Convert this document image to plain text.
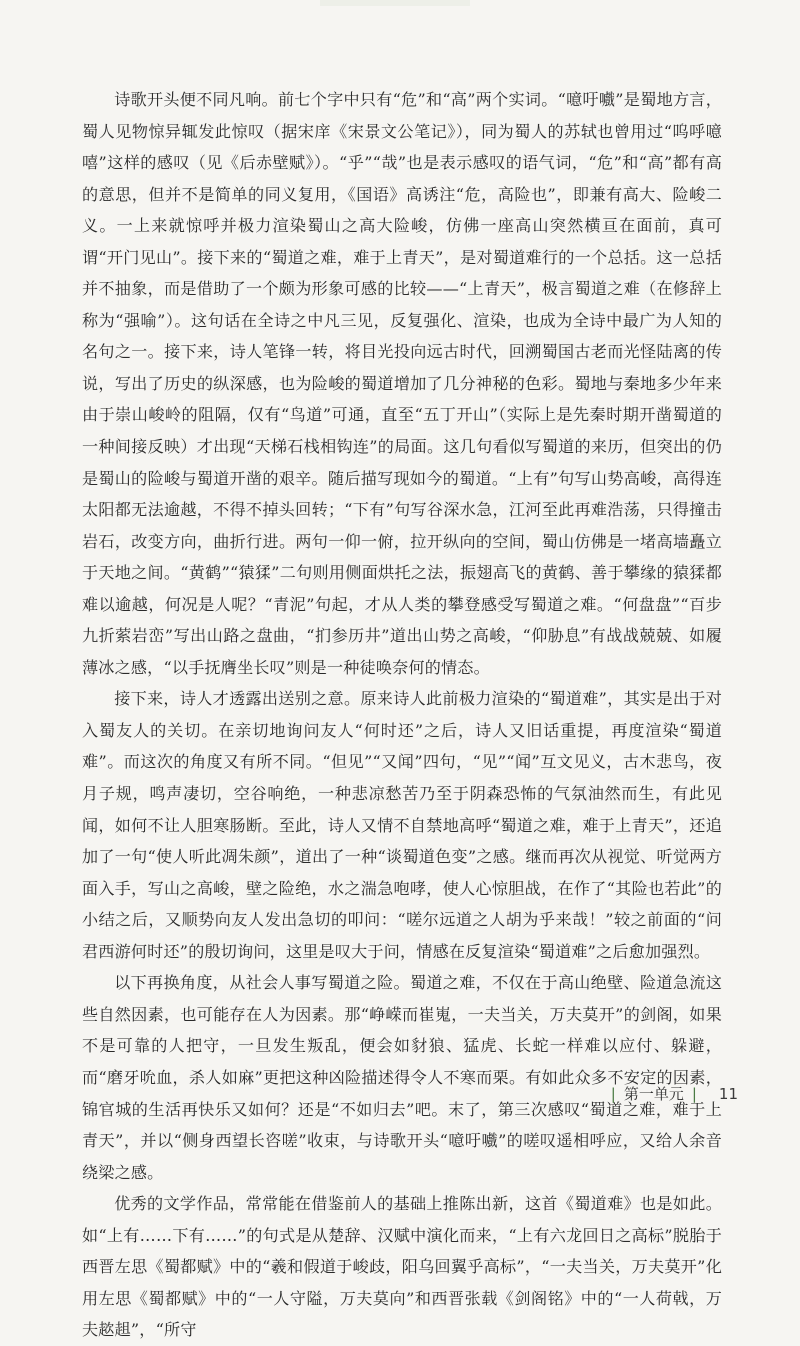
诗歌开头便不同凡响。前七个字中只有“危”和“高”两个实词。“噫吁嚱”是蜀地方言，蜀人见物惊异辄发此惊叹（据宋庠《宋景文公笔记》），同为蜀人的苏轼也曾用过“呜呼噫嘻”这样的感叹（见《后赤壁赋》）。“乎”“哉”也是表示感叹的语气词，“危”和“高”都有高的意思，但并不是简单的同义复用，《国语》高诱注“危，高险也”，即兼有高大、险峻二义。一上来就惊呼并极力渲染蜀山之高大险峻，仿佛一座高山突然横亘在面前，真可谓“开门见山”。接下来的“蜀道之难，难于上青天”，是对蜀道难行的一个总括。这一总括并不抽象，而是借助了一个颇为形象可感的比较——“上青天”，极言蜀道之难（在修辞上称为“强喻”）。这句话在全诗之中凡三见，反复强化、渲染，也成为全诗中最广为人知的名句之一。接下来，诗人笔锋一转，将目光投向远古时代，回溯蜀国古老而光怪陆离的传说，写出了历史的纵深感，也为险峻的蜀道增加了几分神秘的色彩。蜀地与秦地多少年来由于崇山峻岭的阻隔，仅有“鸟道”可通，直至“五丁开山”（实际上是先秦时期开凿蜀道的一种间接反映）才出现“天梯石栈相钩连”的局面。这几句看似写蜀道的来历，但突出的仍是蜀山的险峻与蜀道开凿的艰辛。随后描写现如今的蜀道。“上有”句写山势高峻，高得连太阳都无法逾越，不得不掉头回转；“下有”句写谷深水急，江河至此再难浩荡，只得撞击岩石，改变方向，曲折行进。两句一仰一俯，拉开纵向的空间，蜀山仿佛是一堵高墙矗立于天地之间。“黄鹤”“猿猱”二句则用侧面烘托之法，振翅高飞的黄鹤、善于攀缘的猿猱都难以逾越，何况是人呢？“青泥”句起，才从人类的攀登感受写蜀道之难。“何盘盘”“百步九折萦岩峦”写出山路之盘曲，“扪参历井”道出山势之高峻，“仰胁息”有战战兢兢、如履薄冰之感，“以手抚膺坐长叹”则是一种徒唤奈何的情态。

接下来，诗人才透露出送别之意。原来诗人此前极力渲染的“蜀道难”，其实是出于对入蜀友人的关切。在亲切地询问友人“何时还”之后，诗人又旧话重提，再度渲染“蜀道难”。而这次的角度又有所不同。“但见”“又闻”四句，“见”“闻”互文见义，古木悲鸟，夜月子规，鸣声凄切，空谷响绝，一种悲凉愁苦乃至于阴森恐怖的气氛油然而生，有此见闻，如何不让人胆寒肠断。至此，诗人又情不自禁地高呼“蜀道之难，难于上青天”，还追加了一句“使人听此凋朱颜”，道出了一种“谈蜀道色变”之感。继而再次从视觉、听觉两方面入手，写山之高峻，壁之险绝，水之湍急咆哮，使人心惊胆战，在作了“其险也若此”的小结之后，又顺势向友人发出急切的叩问：“嗟尔远道之人胡为乎来哉！”较之前面的“问君西游何时还”的殷切询问，这里是叹大于问，情感在反复渲染“蜀道难”之后愈加强烈。

以下再换角度，从社会人事写蜀道之险。蜀道之难，不仅在于高山绝壁、险道急流这些自然因素，也可能存在人为因素。那“峥嵘而崔嵬，一夫当关，万夫莫开”的剑阁，如果不是可靠的人把守，一旦发生叛乱，便会如豺狼、猛虎、长蛇一样难以应付、躲避，而“磨牙吮血，杀人如麻”更把这种凶险描述得令人不寒而栗。有如此众多不安定的因素，锦官城的生活再快乐又如何？还是“不如归去”吧。末了，第三次感叹“蜀道之难，难于上青天”，并以“侧身西望长咨嗟”收束，与诗歌开头“噫吁嚱”的嗟叹遥相呼应，又给人余音绕梁之感。

优秀的文学作品，常常能在借鉴前人的基础上推陈出新，这首《蜀道难》也是如此。如“上有……下有……”的句式是从楚辞、汉赋中演化而来，“上有六龙回日之高标”脱胎于西晋左思《蜀都赋》中的“羲和假道于峻歧，阳乌回翼乎高标”，“一夫当关，万夫莫开”化用左思《蜀都赋》中的“一人守隘，万夫莫向”和西晋张载《剑阁铭》中的“一人荷戟，万夫趑趄”，“所守

| 第一单元 | 11
